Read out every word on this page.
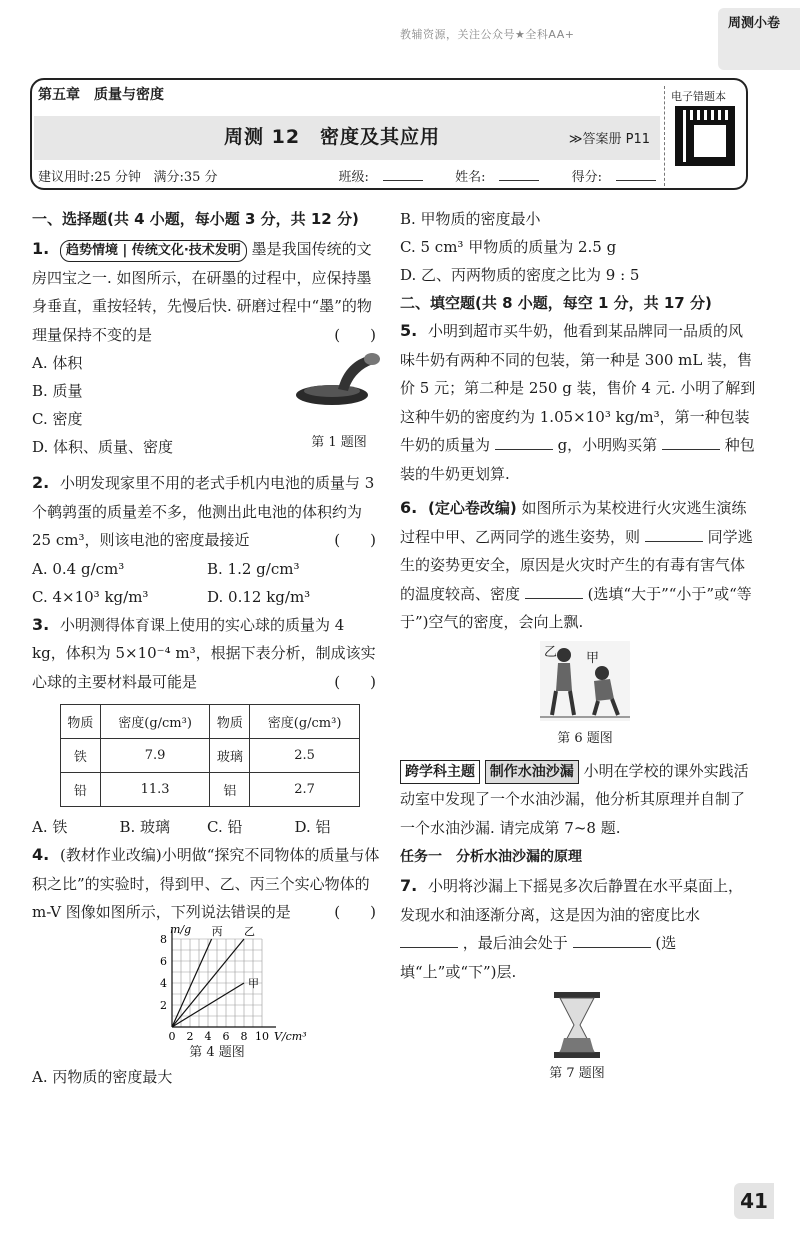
教辅资源，关注公众号★全科AA+
周测小卷
第五章　质量与密度
周测 12　密度及其应用	≫答案册 P11
建议用时:25 分钟 满分:35 分	班级:	姓名:	得分:
电子错题本
一、选择题(共 4 小题，每小题 3 分，共 12 分)
1. 趋势情境 | 传统文化·技术发明 墨是我国传统的文房四宝之一. 如图所示，在研墨的过程中，应保持墨身垂直，重按轻转，先慢后快. 研磨过程中“墨”的物理量保持不变的是	(　　)
A. 体积
B. 质量
C. 密度
D. 体积、质量、密度	第 1 题图
2. 小明发现家里不用的老式手机内电池的质量与 3 个鹌鹑蛋的质量差不多，他测出此电池的体积约为 25 cm³，则该电池的密度最接近	(　　)
A. 0.4 g/cm³	B. 1.2 g/cm³
C. 4×10³ kg/m³	D. 0.12 kg/m³
3. 小明测得体育课上使用的实心球的质量为 4 kg，体积为 5×10⁻⁴ m³，根据下表分析，制成该实心球的主要材料最可能是	(　　)
物质	密度(g/cm³)	物质	密度(g/cm³)
铁	7.9	玻璃	2.5
铅	11.3	铝	2.7
A. 铁	B. 玻璃	C. 铅	D. 铝
4. (教材作业改编)小明做“探究不同物体的质量与体积之比”的实验时，得到甲、乙、丙三个实心物体的 m-V 图像如图所示，下列说法错误的是	(　　)
0 2 4 6 8 10
2
4
6
8
V/cm³
m/g 丙 乙
甲
第 4 题图
A. 丙物质的密度最大
B. 甲物质的密度最小
C. 5 cm³ 甲物质的质量为 2.5 g
D. 乙、丙两物质的密度之比为 9 : 5
二、填空题(共 8 小题，每空 1 分，共 17 分)
5. 小明到超市买牛奶，他看到某品牌同一品质的风味牛奶有两种不同的包装，第一种是 300 mL 装，售价 5 元；第二种是 250 g 装，售价 4 元. 小明了解到这种牛奶的密度约为 1.05×10³ kg/m³，第一种包装牛奶的质量为	g，小明购买第	种包装的牛奶更划算.
6. (定心卷改编) 如图所示为某校进行火灾逃生演练过程中甲、乙两同学的逃生姿势，则	同学逃生的姿势更安全，原因是火灾时产生的有毒有害气体的温度较高、密度	(选填“大于”“小于”或“等于”)空气的密度，会向上飘.
乙 甲
第 6 题图
跨学科主题 制作水油沙漏 小明在学校的课外实践活动室中发现了一个水油沙漏，他分析其原理并自制了一个水油沙漏. 请完成第 7~8 题.
任务一　分析水油沙漏的原理
7. 小明将沙漏上下摇晃多次后静置在水平桌面上，发现水和油逐渐分离，这是因为油的密度比水  ，最后油会处于	(选填“上”或“下”)层.
第 7 题图
41
